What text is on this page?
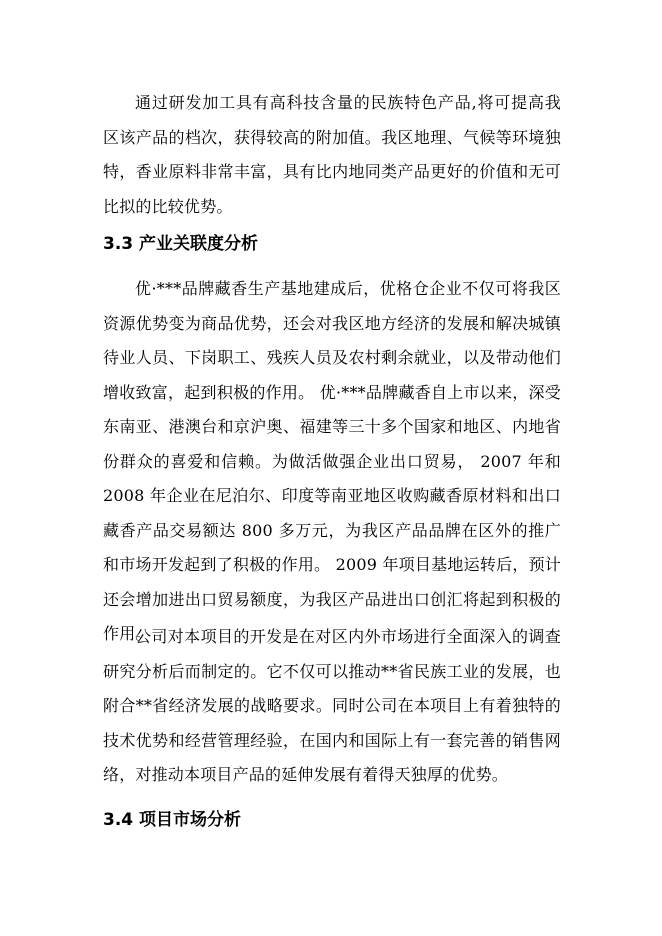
通过研发加工具有高科技含量的民族特色产品,将可提高我区该产品的档次，获得较高的附加值。我区地理、气候等环境独特，香业原料非常丰富，具有比内地同类产品更好的价值和无可比拟的比较优势。

3.3 产业关联度分析

优·***品牌藏香生产基地建成后，优格仓企业不仅可将我区资源优势变为商品优势，还会对我区地方经济的发展和解决城镇待业人员、下岗职工、残疾人员及农村剩余就业，以及带动他们增收致富，起到积极的作用。 优·***品牌藏香自上市以来，深受东南亚、港澳台和京沪奥、福建等三十多个国家和地区、内地省份群众的喜爱和信赖。为做活做强企业出口贸易， 2007 年和 2008 年企业在尼泊尔、印度等南亚地区收购藏香原材料和出口藏香产品交易额达 800 多万元，为我区产品品牌在区外的推广和市场开发起到了积极的作用。 2009 年项目基地运转后，预计还会增加进出口贸易额度，为我区产品进出口创汇将起到积极的作用。

公司对本项目的开发是在对区内外市场进行全面深入的调查研究分析后而制定的。它不仅可以推动**省民族工业的发展，也附合**省经济发展的战略要求。同时公司在本项目上有着独特的技术优势和经营管理经验，在国内和国际上有一套完善的销售网络，对推动本项目产品的延伸发展有着得天独厚的优势。

3.4 项目市场分析
